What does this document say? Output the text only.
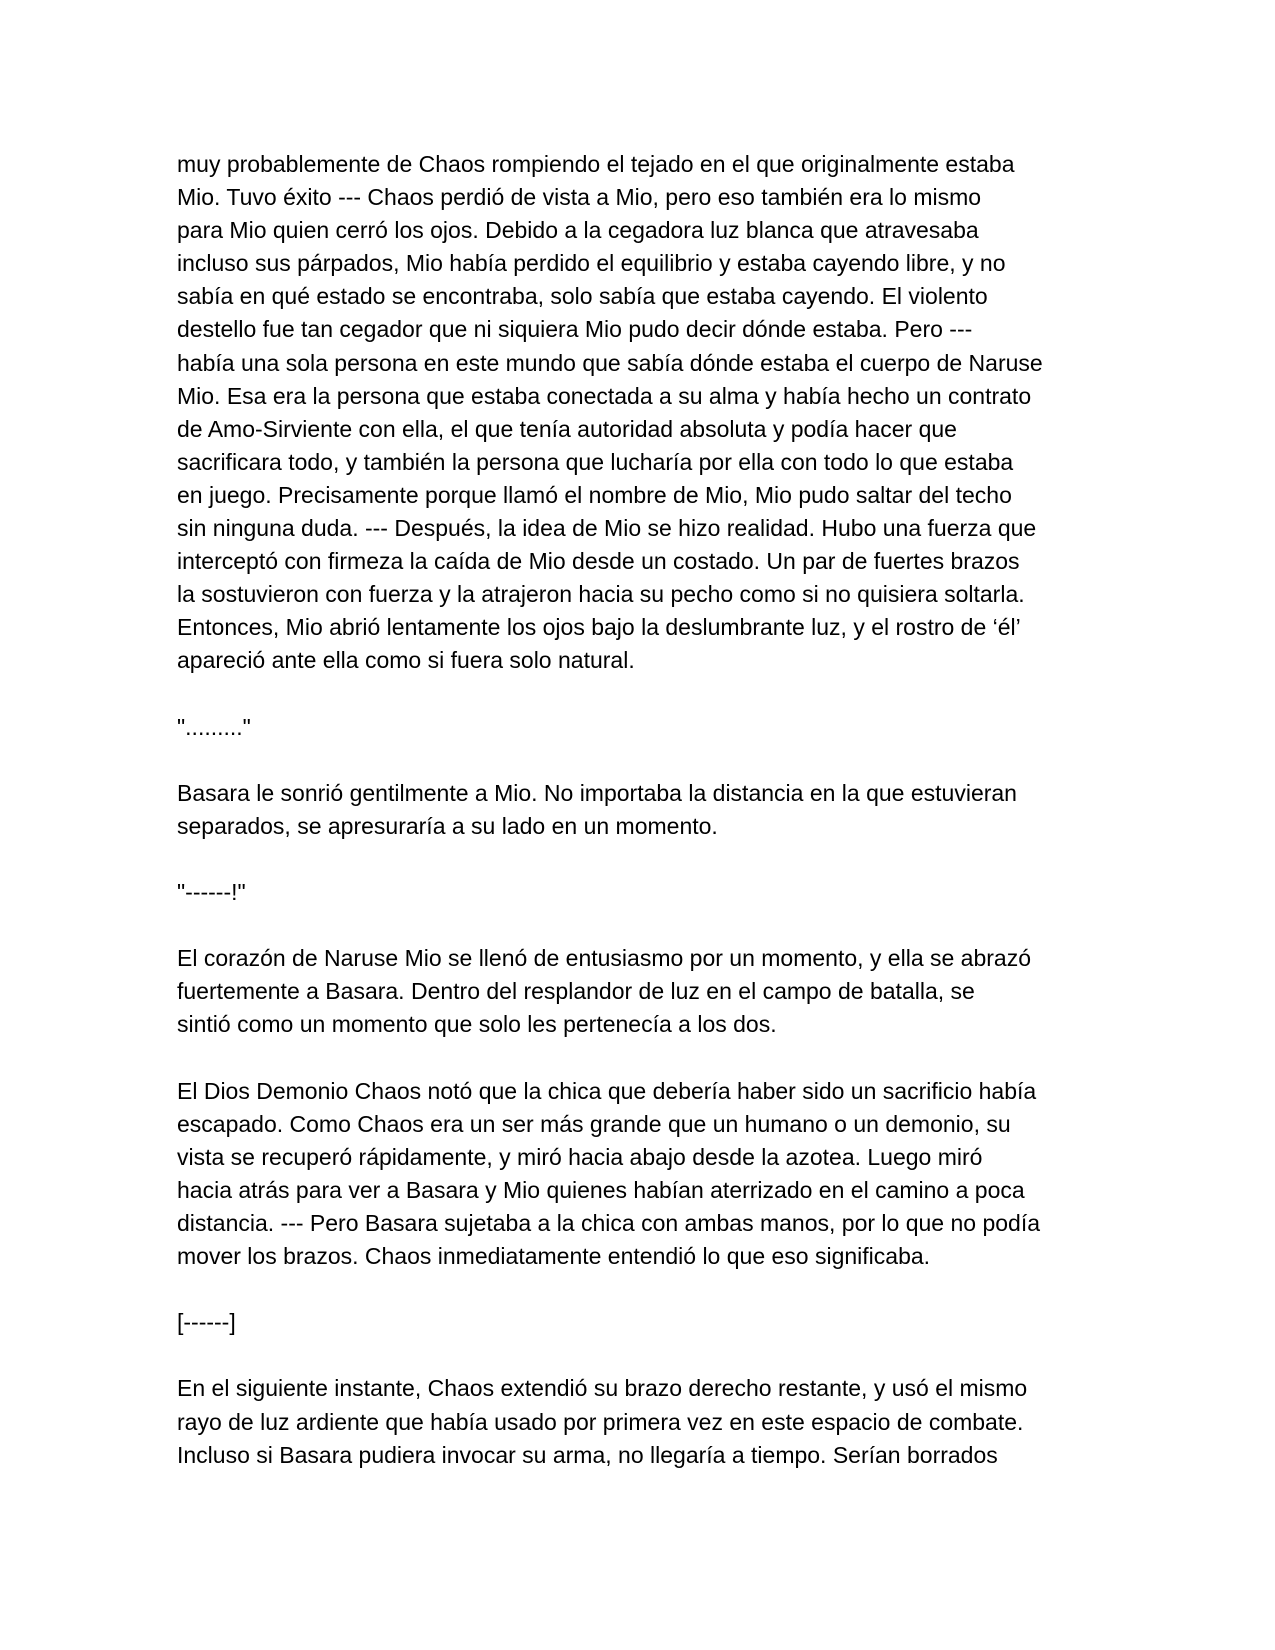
muy probablemente de Chaos rompiendo el tejado en el que originalmente estaba
Mio. Tuvo éxito --- Chaos perdió de vista a Mio, pero eso también era lo mismo
para Mio quien cerró los ojos. Debido a la cegadora luz blanca que atravesaba
incluso sus párpados, Mio había perdido el equilibrio y estaba cayendo libre, y no
sabía en qué estado se encontraba, solo sabía que estaba cayendo. El violento
destello fue tan cegador que ni siquiera Mio pudo decir dónde estaba. Pero ---
había una sola persona en este mundo que sabía dónde estaba el cuerpo de Naruse
Mio. Esa era la persona que estaba conectada a su alma y había hecho un contrato
de Amo-Sirviente con ella, el que tenía autoridad absoluta y podía hacer que
sacrificara todo, y también la persona que lucharía por ella con todo lo que estaba
en juego. Precisamente porque llamó el nombre de Mio, Mio pudo saltar del techo
sin ninguna duda. --- Después, la idea de Mio se hizo realidad. Hubo una fuerza que
interceptó con firmeza la caída de Mio desde un costado. Un par de fuertes brazos
la sostuvieron con fuerza y la atrajeron hacia su pecho como si no quisiera soltarla.
Entonces, Mio abrió lentamente los ojos bajo la deslumbrante luz, y el rostro de ‘él’
apareció ante ella como si fuera solo natural.
"........."
Basara le sonrió gentilmente a Mio. No importaba la distancia en la que estuvieran
separados, se apresuraría a su lado en un momento.
"------!"
El corazón de Naruse Mio se llenó de entusiasmo por un momento, y ella se abrazó
fuertemente a Basara. Dentro del resplandor de luz en el campo de batalla, se
sintió como un momento que solo les pertenecía a los dos.
El Dios Demonio Chaos notó que la chica que debería haber sido un sacrificio había
escapado. Como Chaos era un ser más grande que un humano o un demonio, su
vista se recuperó rápidamente, y miró hacia abajo desde la azotea. Luego miró
hacia atrás para ver a Basara y Mio quienes habían aterrizado en el camino a poca
distancia. --- Pero Basara sujetaba a la chica con ambas manos, por lo que no podía
mover los brazos. Chaos inmediatamente entendió lo que eso significaba.
[------]
En el siguiente instante, Chaos extendió su brazo derecho restante, y usó el mismo
rayo de luz ardiente que había usado por primera vez en este espacio de combate.
Incluso si Basara pudiera invocar su arma, no llegaría a tiempo. Serían borrados
